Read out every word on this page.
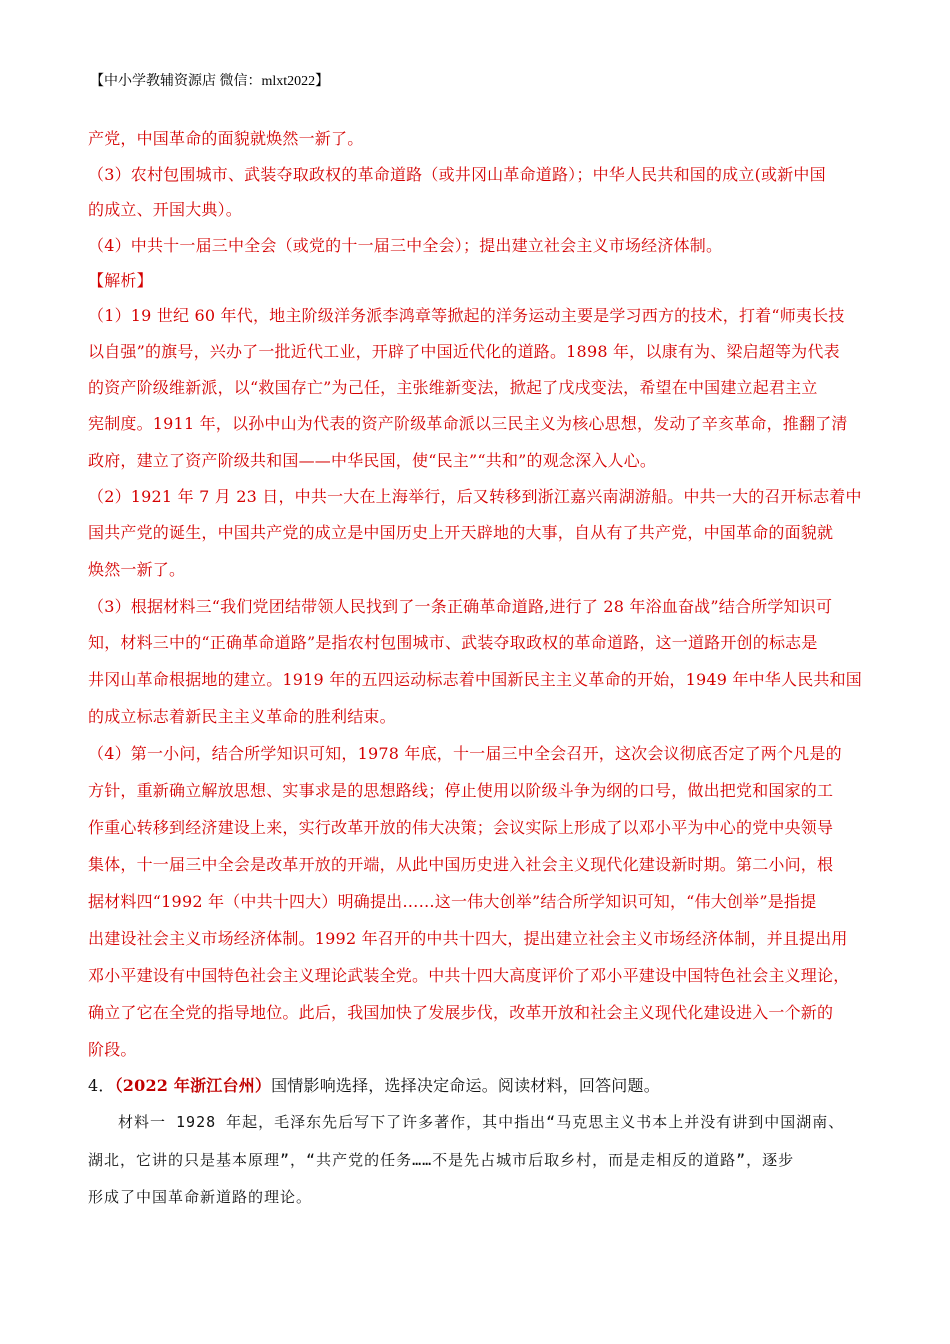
【中小学教辅资源店 微信：mlxt2022】
产党，中国革命的面貌就焕然一新了。
（3）农村包围城市、武装夺取政权的革命道路（或井冈山革命道路）；中华人民共和国的成立(或新中国
的成立、开国大典）。
（4）中共十一届三中全会（或党的十一届三中全会）；提出建立社会主义市场经济体制。
【解析】
（1）19 世纪 60 年代，地主阶级洋务派李鸿章等掀起的洋务运动主要是学习西方的技术，打着“师夷长技
以自强”的旗号，兴办了一批近代工业，开辟了中国近代化的道路。1898 年，以康有为、梁启超等为代表
的资产阶级维新派，以“救国存亡”为己任，主张维新变法，掀起了戊戌变法，希望在中国建立起君主立
宪制度。1911 年，以孙中山为代表的资产阶级革命派以三民主义为核心思想，发动了辛亥革命，推翻了清
政府，建立了资产阶级共和国——中华民国，使“民主”“共和”的观念深入人心。
（2）1921 年 7 月 23 日，中共一大在上海举行，后又转移到浙江嘉兴南湖游船。中共一大的召开标志着中
国共产党的诞生，中国共产党的成立是中国历史上开天辟地的大事，自从有了共产党，中国革命的面貌就
焕然一新了。
（3）根据材料三“我们党团结带领人民找到了一条正确革命道路,进行了 28 年浴血奋战”结合所学知识可
知，材料三中的“正确革命道路”是指农村包围城市、武装夺取政权的革命道路，这一道路开创的标志是
井冈山革命根据地的建立。1919 年的五四运动标志着中国新民主主义革命的开始，1949 年中华人民共和国
的成立标志着新民主主义革命的胜利结束。
（4）第一小问，结合所学知识可知，1978 年底，十一届三中全会召开，这次会议彻底否定了两个凡是的
方针，重新确立解放思想、实事求是的思想路线；停止使用以阶级斗争为纲的口号，做出把党和国家的工
作重心转移到经济建设上来，实行改革开放的伟大决策；会议实际上形成了以邓小平为中心的党中央领导
集体，十一届三中全会是改革开放的开端，从此中国历史进入社会主义现代化建设新时期。第二小问，根
据材料四“1992 年（中共十四大）明确提出……这一伟大创举”结合所学知识可知，“伟大创举”是指提
出建设社会主义市场经济体制。1992 年召开的中共十四大，提出建立社会主义市场经济体制，并且提出用
邓小平建设有中国特色社会主义理论武装全党。中共十四大高度评价了邓小平建设中国特色社会主义理论，
确立了它在全党的指导地位。此后，我国加快了发展步伐，改革开放和社会主义现代化建设进入一个新的
阶段。
4．（2022 年浙江台州）国情影响选择，选择决定命运。阅读材料，回答问题。
材料一 1928 年起，毛泽东先后写下了许多著作，其中指出“马克思主义书本上并没有讲到中国湖南、
湖北，它讲的只是基本原理”，“共产党的任务……不是先占城市后取乡村，而是走相反的道路”，逐步
形成了中国革命新道路的理论。
